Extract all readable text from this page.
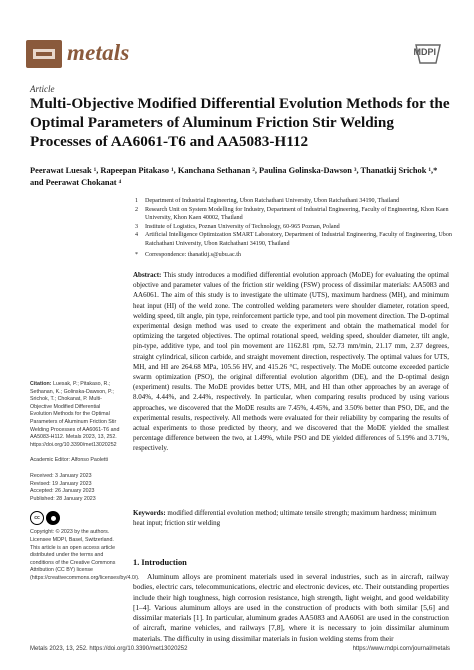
metals	MDPI
Article
Multi-Objective Modified Differential Evolution Methods for the Optimal Parameters of Aluminum Friction Stir Welding Processes of AA6061-T6 and AA5083-H112
Peerawat Luesak ¹, Rapeepan Pitakaso ¹, Kanchana Sethanan ², Paulina Golinska-Dawson ³, Thanatkij Srichok ¹,*
and Peerawat Chokanat ⁴
1	Department of Industrial Engineering, Ubon Ratchathani University, Ubon Ratchathani 34190, Thailand
2	Research Unit on System Modelling for Industry, Department of Industrial Engineering, Faculty of Engineering, Khon Kaen University, Khon Kaen 40002, Thailand
3	Institute of Logistics, Poznan University of Technology, 60-965 Poznan, Poland
4	Artificial Intelligence Optimization SMART Laboratory, Department of Industrial Engineering, Faculty of Engineering, Ubon Ratchathani University, Ubon Ratchathani 34190, Thailand
*	Correspondence: thanatkij.s@ubu.ac.th
Abstract: This study introduces a modified differential evolution approach (MoDE) for evaluating the optimal objective and parameter values of the friction stir welding (FSW) process of dissimilar materials: AA5083 and AA6061. The aim of this study is to investigate the ultimate (UTS), maximum hardness (MH), and minimum heat input (HI) of the weld zone. The controlled welding parameters were shoulder diameter, rotation speed, welding speed, tilt angle, pin type, reinforcement particle type, and tool pin movement direction. The D-optimal experimental design method was used to create the experiment and obtain the mathematical model for optimizing the targeted objectives. The optimal rotational speed, welding speed, shoulder diameter, tilt angle, pin-type, additive type, and tool pin movement are 1162.81 rpm, 52.73 mm/min, 21.17 mm, 2.37 degrees, straight cylindrical, silicon carbide, and straight movement direction, respectively. The optimal values for UTS, MH, and HI are 264.68 MPa, 105.56 HV, and 415.26 °C, respectively. The MoDE outcome exceeded particle swarm optimization (PSO), the original differential evolution algorithm (DE), and the D-optimal design (experiment) results. The MoDE provides better UTS, MH, and HI than other approaches by an average of 8.04%, 4.44%, and 2.44%, respectively. In particular, when comparing results produced by using various approaches, we discovered that the MoDE results are 7.45%, 4.45%, and 3.50% better than PSO, DE, and the experimental results, respectively. All methods were evaluated for their reliability by comparing the results of actual experiments to those predicted by theory, and we discovered that the MoDE yielded the smallest percentage difference between the two, at 1.49%, while PSO and DE yielded differences of 5.19% and 3.71%, respectively.
Keywords: modified differential evolution method; ultimate tensile strength; maximum hardness; minimum heat input; friction stir welding
Citation: Luesak, P.; Pitakaso, R.; Sethanan, K.; Golinska-Dawson, P.; Srichok, T.; Chokanat, P. Multi-Objective Modified Differential Evolution Methods for the Optimal Parameters of Aluminum Friction Stir Welding Processes of AA6061-T6 and AA5083-H112. Metals 2023, 13, 252. https://doi.org/10.3390/met13020252
Academic Editor: Alfonso Paoletti
Received: 3 January 2023
Revised: 19 January 2023
Accepted: 26 January 2023
Published: 28 January 2023
cc
Copyright: © 2023 by the authors. Licensee MDPI, Basel, Switzerland. This article is an open access article distributed under the terms and conditions of the Creative Commons Attribution (CC BY) license (https://creativecommons.org/licenses/by/4.0/).
1. Introduction
Aluminum alloys are prominent materials used in several industries, such as in aircraft, railway bodies, electric cars, telecommunications, electric and electronic devices, etc. Their outstanding properties include their high toughness, high corrosion resistance, high strength, light weight, and good weldability [1–4]. Various aluminum alloys are used in the construction of products with both similar [5,6] and dissimilar materials [1]. In particular, aluminum grades AA5083 and AA6061 are used in the construction of aircraft, marine vehicles, and railways [7,8], where it is necessary to join dissimilar aluminum materials. The difficulty in using dissimilar materials in fusion welding stems from their
Metals 2023, 13, 252. https://doi.org/10.3390/met13020252	https://www.mdpi.com/journal/metals
